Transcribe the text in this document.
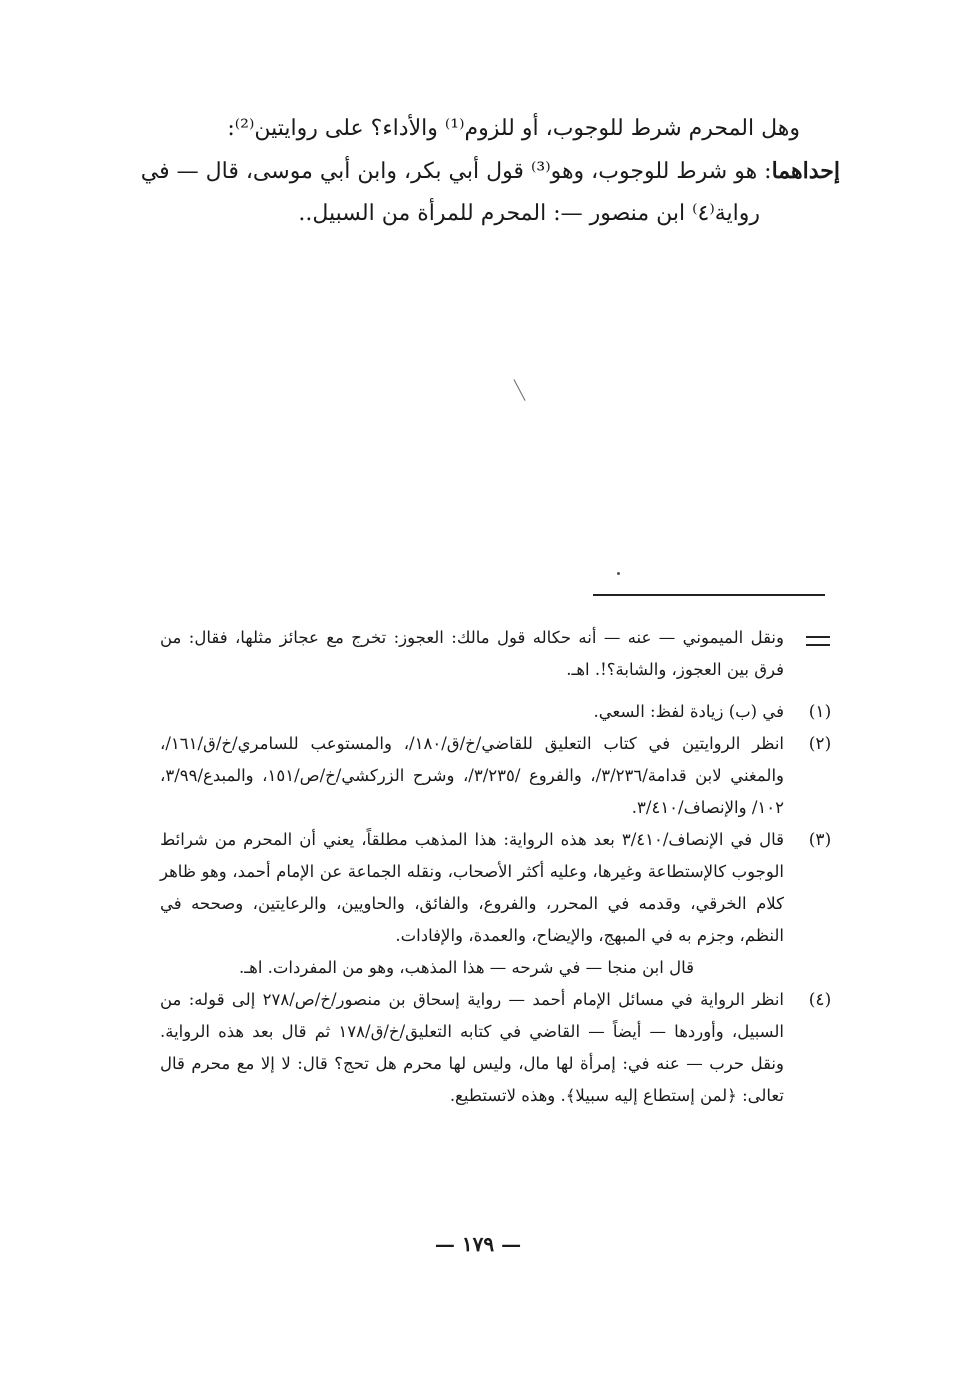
وهل المحرم شرط للوجوب، أو للزوم⁽¹⁾ والأداء؟ على روايتين⁽²⁾:
إحداهما: هو شرط للوجوب، وهو⁽³⁾ قول أبي بكر، وابن أبي موسى، قال — في
رواية⁽٤⁾ ابن منصور —: المحرم للمرأة من السبيل..
ونقل الميموني — عنه — أنه حكاله قول مالك: العجوز: تخرج مع عجائز مثلها، فقال: من فرق بين العجوز، والشابة؟!. اهـ.
(١)
في (ب) زيادة لفظ: السعي.
(٢)
انظر الروايتين في كتاب التعليق للقاضي/خ/ق/١٨٠/، والمستوعب للسامري/خ/ق/١٦١/، والمغني لابن قدامة/٣/٢٣٦/، والفروع /٣/٢٣٥/، وشرح الزركشي/خ/ص/١٥١، والمبدع/٣/٩٩، ١٠٢/ والإنصاف/٣/٤١٠.
(٣)
قال في الإنصاف/٣/٤١٠ بعد هذه الرواية: هذا المذهب مطلقاً، يعني أن المحرم من شرائط الوجوب كالإستطاعة وغيرها، وعليه أكثر الأصحاب، ونقله الجماعة عن الإمام أحمد، وهو ظاهر كلام الخرقي، وقدمه في المحرر، والفروع، والفائق، والحاويين، والرعايتين، وصححه في النظم، وجزم به في المبهج، والإيضاح، والعمدة، والإفادات.
قال ابن منجا — في شرحه — هذا المذهب، وهو من المفردات. اهـ.
(٤)
انظر الرواية في مسائل الإمام أحمد — رواية إسحاق بن منصور/خ/ص/٢٧٨ إلى قوله: من السبيل، وأوردها — أيضاً — القاضي في كتابه التعليق/خ/ق/١٧٨ ثم قال بعد هذه الرواية. ونقل حرب — عنه في: إمرأة لها مال، وليس لها محرم هل تحج؟ قال: لا إلا مع محرم قال تعالى: ﴿لمن إستطاع إليه سبيلا﴾. وهذه لاتستطيع.
— ١٧٩ —
